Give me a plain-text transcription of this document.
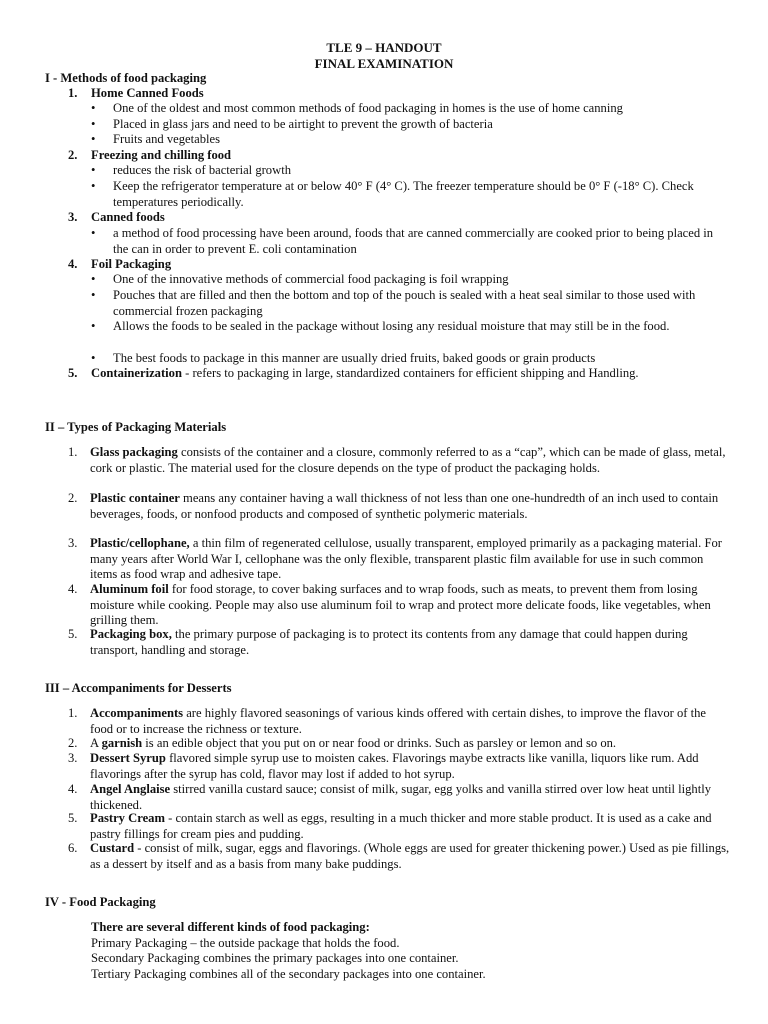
TLE 9 – HANDOUT
FINAL EXAMINATION
I - Methods of food packaging
1. Home Canned Foods
• One of the oldest and most common methods of food packaging in homes is the use of home canning
• Placed in glass jars and need to be airtight to prevent the growth of bacteria
• Fruits and vegetables
2. Freezing and chilling food
• reduces the risk of bacterial growth
• Keep the refrigerator temperature at or below 40° F (4° C). The freezer temperature should be 0° F (-18° C). Check temperatures periodically.
3. Canned foods
• a method of food processing have been around, foods that are canned commercially are cooked prior to being placed in the can in order to prevent E. coli contamination
4. Foil Packaging
• One of the innovative methods of commercial food packaging is foil wrapping
• Pouches that are filled and then the bottom and top of the pouch is sealed with a heat seal similar to those used with commercial frozen packaging
• Allows the foods to be sealed in the package without losing any residual moisture that may still be in the food.
• The best foods to package in this manner are usually dried fruits, baked goods or grain products
5. Containerization - refers to packaging in large, standardized containers for efficient shipping and Handling.
II – Types of Packaging Materials
1. Glass packaging consists of the container and a closure, commonly referred to as a “cap”, which can be made of glass, metal, cork or plastic. The material used for the closure depends on the type of product the packaging holds.
2. Plastic container means any container having a wall thickness of not less than one one-hundredth of an inch used to contain beverages, foods, or nonfood products and composed of synthetic polymeric materials.
3. Plastic/cellophane, a thin film of regenerated cellulose, usually transparent, employed primarily as a packaging material. For many years after World War I, cellophane was the only flexible, transparent plastic film available for use in such common items as food wrap and adhesive tape.
4. Aluminum foil for food storage, to cover baking surfaces and to wrap foods, such as meats, to prevent them from losing moisture while cooking. People may also use aluminum foil to wrap and protect more delicate foods, like vegetables, when grilling them.
5. Packaging box, the primary purpose of packaging is to protect its contents from any damage that could happen during transport, handling and storage.
III – Accompaniments for Desserts
1. Accompaniments are highly flavored seasonings of various kinds offered with certain dishes, to improve the flavor of the food or to increase the richness or texture.
2. A garnish is an edible object that you put on or near food or drinks. Such as parsley or lemon and so on.
3. Dessert Syrup flavored simple syrup use to moisten cakes. Flavorings maybe extracts like vanilla, liquors like rum. Add flavorings after the syrup has cold, flavor may lost if added to hot syrup.
4. Angel Anglaise stirred vanilla custard sauce; consist of milk, sugar, egg yolks and vanilla stirred over low heat until lightly thickened.
5. Pastry Cream - contain starch as well as eggs, resulting in a much thicker and more stable product. It is used as a cake and pastry fillings for cream pies and pudding.
6. Custard - consist of milk, sugar, eggs and flavorings. (Whole eggs are used for greater thickening power.) Used as pie fillings, as a dessert by itself and as a basis from many bake puddings.
IV - Food Packaging
There are several different kinds of food packaging:
Primary Packaging – the outside package that holds the food.
Secondary Packaging combines the primary packages into one container.
Tertiary Packaging combines all of the secondary packages into one container.
